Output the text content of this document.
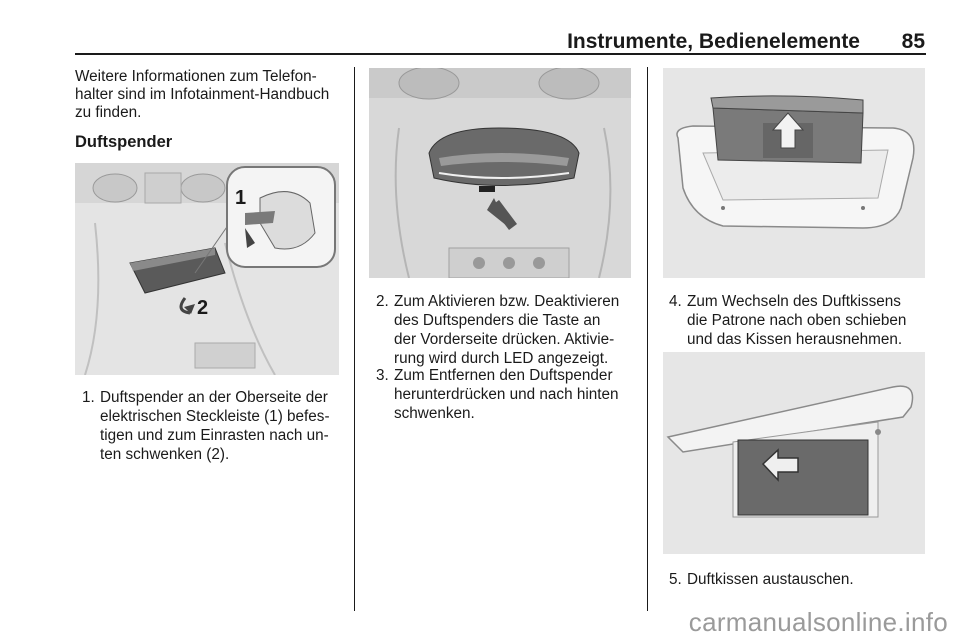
Instrumente, Bedienelemente	85
Weitere Informationen zum Telefon-
halter sind im Infotainment-Handbuch
zu finden.
Duftspender
1
2
1. Duftspender an der Oberseite der
elektrischen Steckleiste (1) befes-
tigen und zum Einrasten nach un-
ten schwenken (2).
2. Zum Aktivieren bzw. Deaktivieren
des Duftspenders die Taste an
der Vorderseite drücken. Aktivie-
rung wird durch LED angezeigt.
3. Zum Entfernen den Duftspender
herunterdrücken und nach hinten
schwenken.
4. Zum Wechseln des Duftkissens
die Patrone nach oben schieben
und das Kissen herausnehmen.
5. Duftkissen austauschen.
carmanualsonline.info
